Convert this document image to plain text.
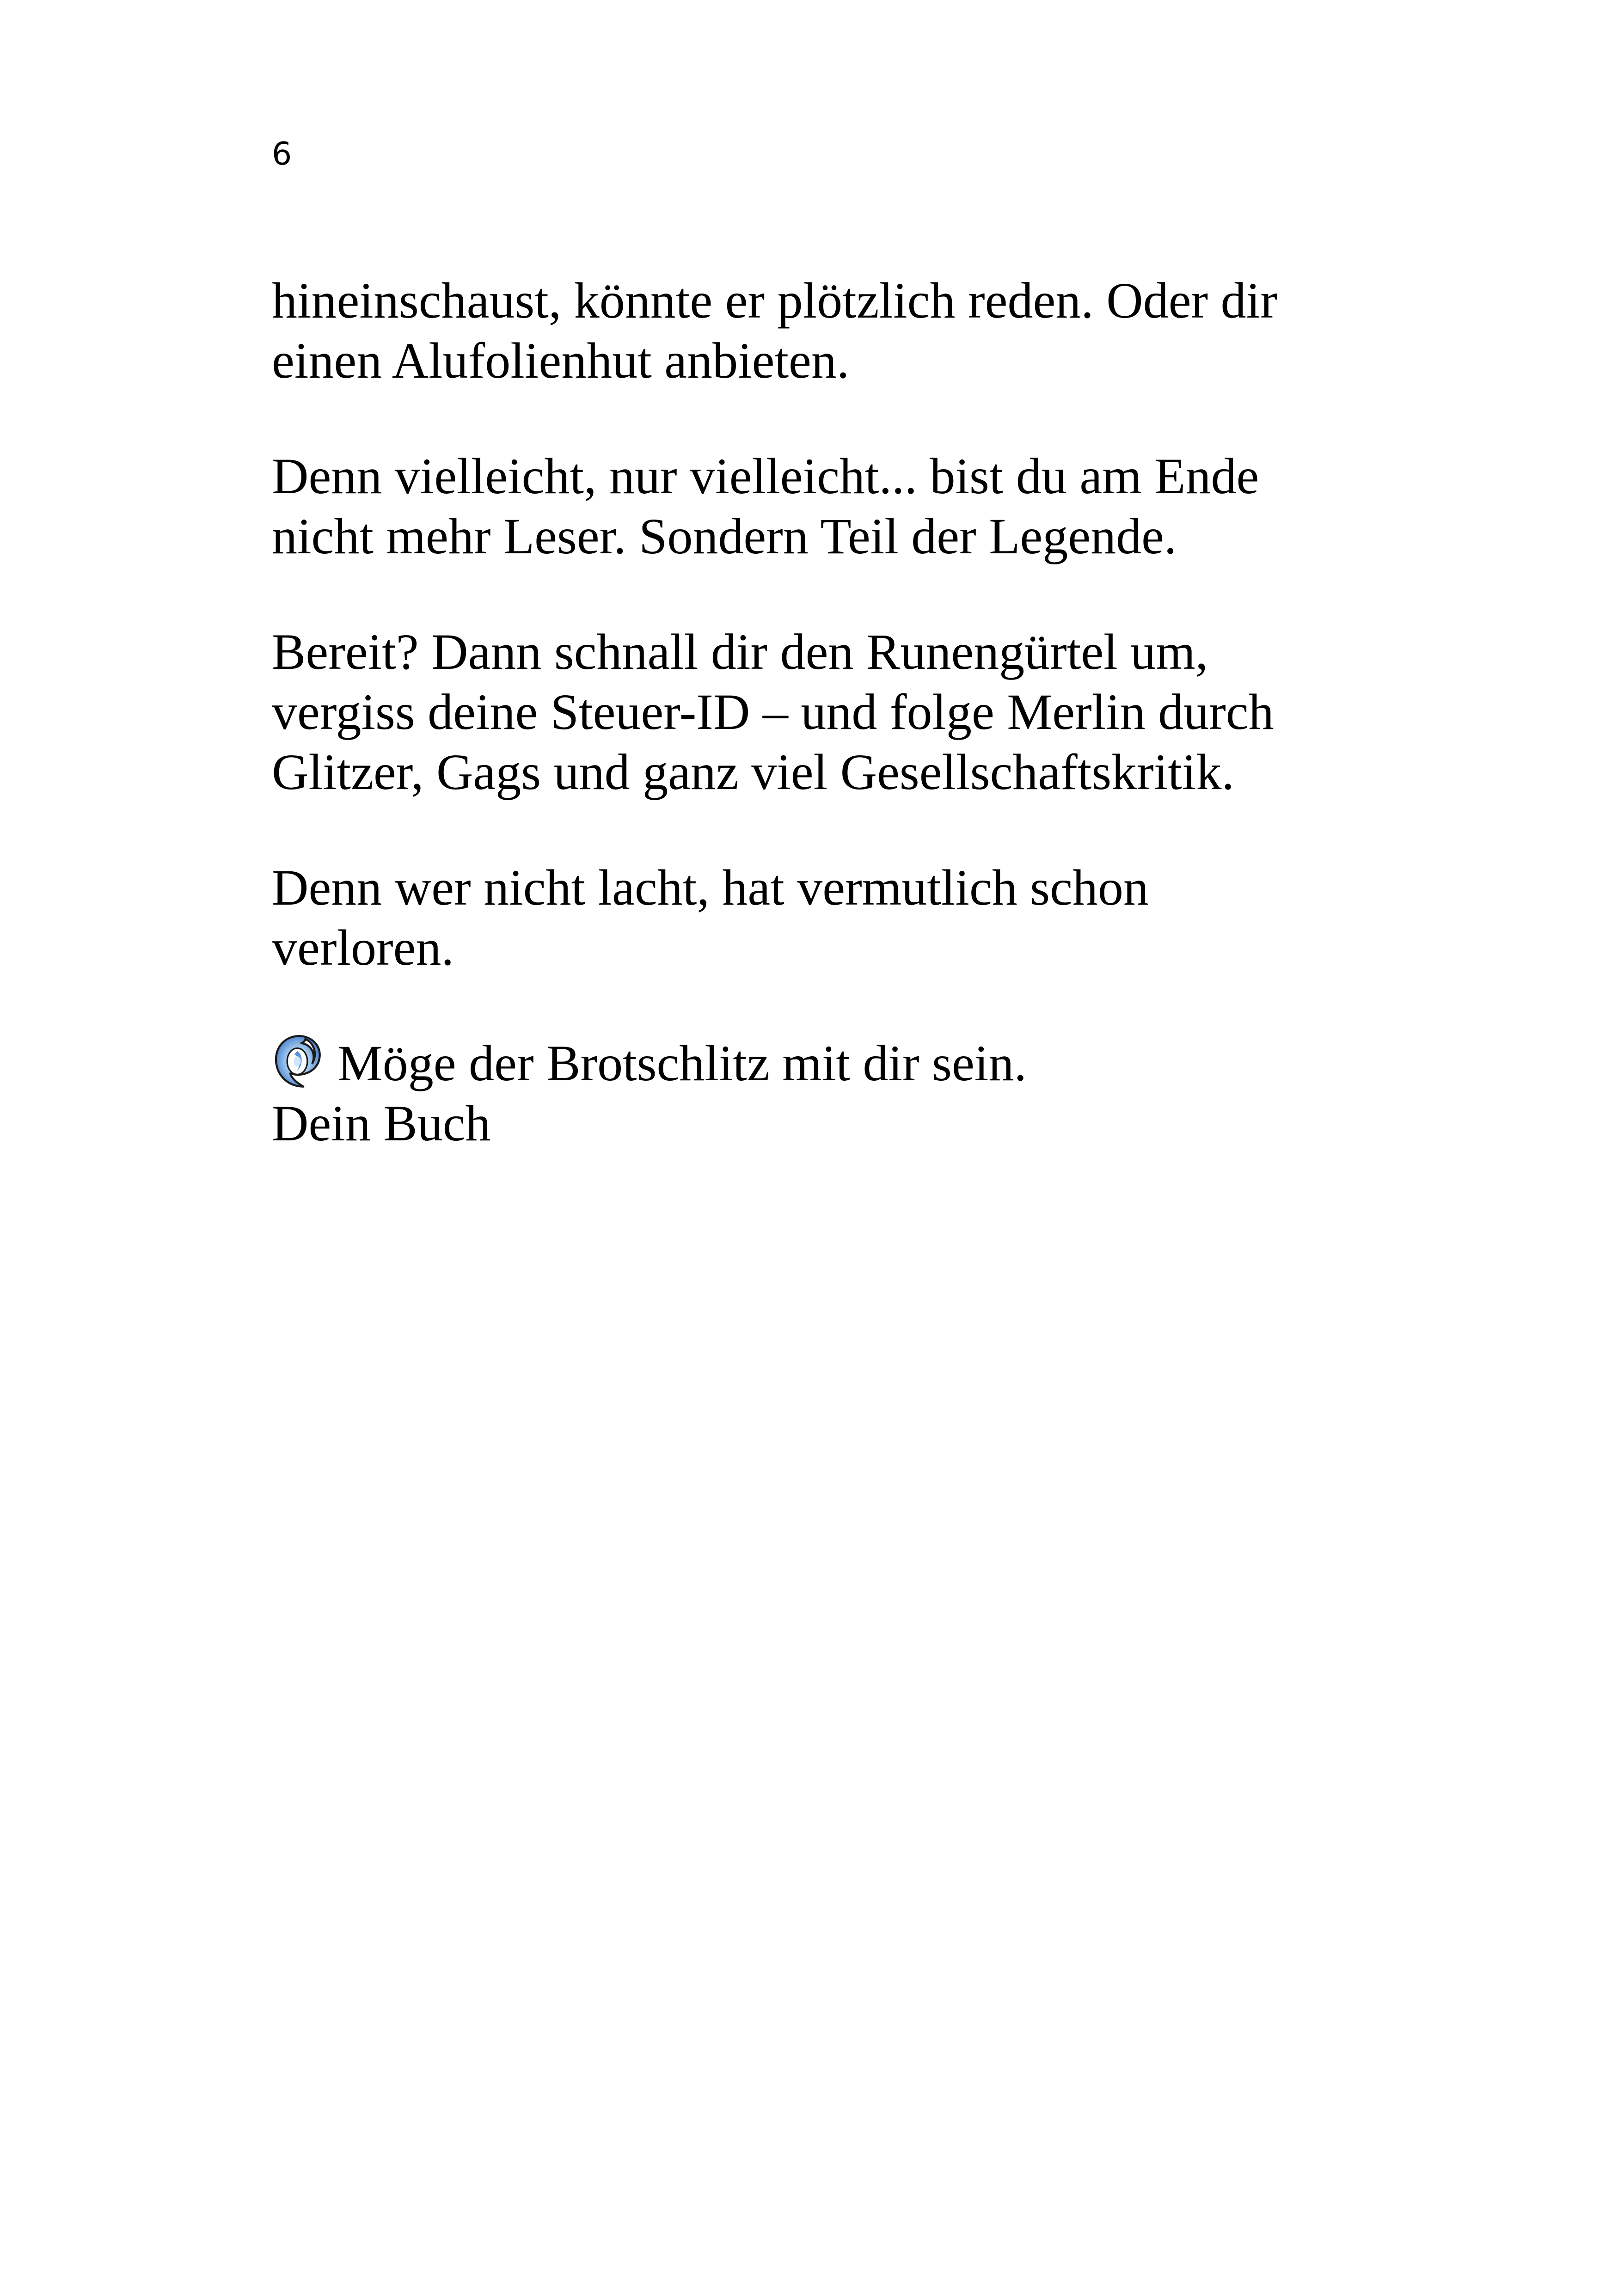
6

hineinschaust, könnte er plötzlich reden. Oder dir
einen Alufolienhut anbieten.

Denn vielleicht, nur vielleicht... bist du am Ende
nicht mehr Leser. Sondern Teil der Legende.

Bereit? Dann schnall dir den Runengürtel um,
vergiss deine Steuer-ID – und folge Merlin durch
Glitzer, Gags und ganz viel Gesellschaftskritik.

Denn wer nicht lacht, hat vermutlich schon
verloren.

Möge der Brotschlitz mit dir sein.
Dein Buch
